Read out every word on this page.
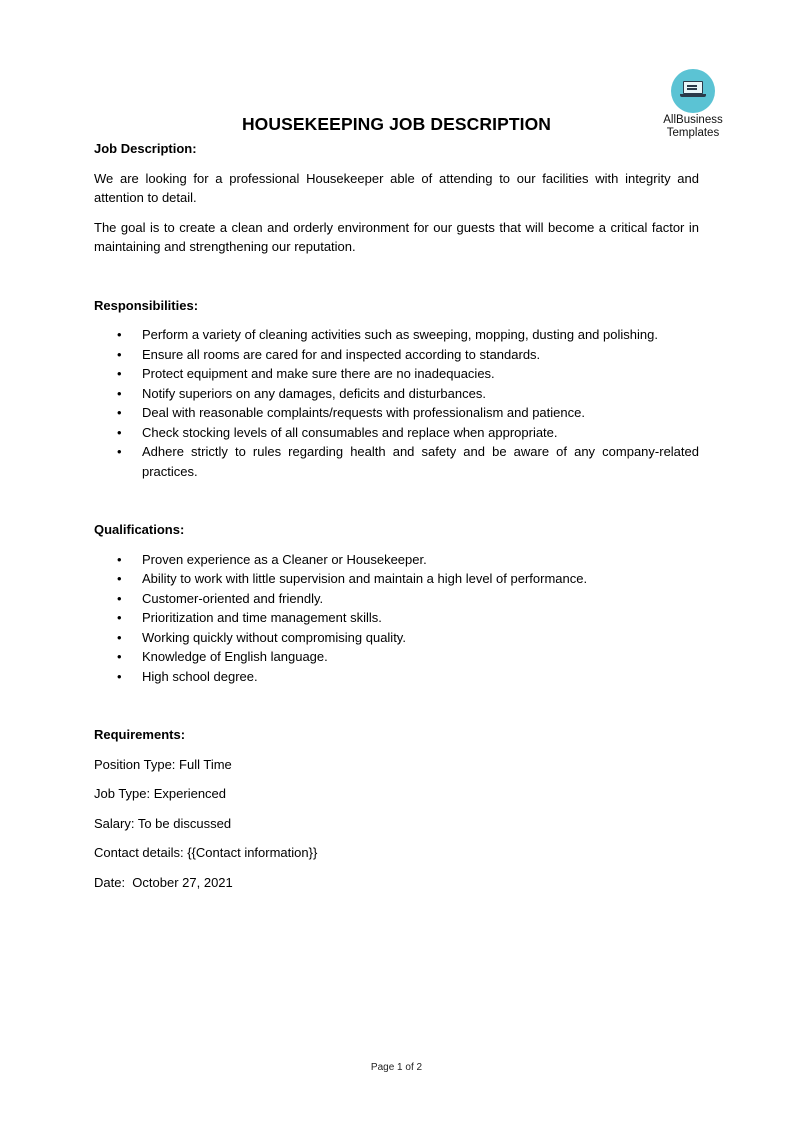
AllBusiness
Templates
HOUSEKEEPING JOB DESCRIPTION

Job Description:

We are looking for a professional Housekeeper able of attending to our facilities with integrity and attention to detail.

The goal is to create a clean and orderly environment for our guests that will become a critical factor in maintaining and strengthening our reputation.

Responsibilities:

• Perform a variety of cleaning activities such as sweeping, mopping, dusting and polishing.
• Ensure all rooms are cared for and inspected according to standards.
• Protect equipment and make sure there are no inadequacies.
• Notify superiors on any damages, deficits and disturbances.
• Deal with reasonable complaints/requests with professionalism and patience.
• Check stocking levels of all consumables and replace when appropriate.
• Adhere strictly to rules regarding health and safety and be aware of any company-related practices.

Qualifications:

• Proven experience as a Cleaner or Housekeeper.
• Ability to work with little supervision and maintain a high level of performance.
• Customer-oriented and friendly.
• Prioritization and time management skills.
• Working quickly without compromising quality.
• Knowledge of English language.
• High school degree.

Requirements:

Position Type: Full Time

Job Type: Experienced

Salary: To be discussed

Contact details: {{Contact information}}

Date:  October 27, 2021

Page 1 of 2
